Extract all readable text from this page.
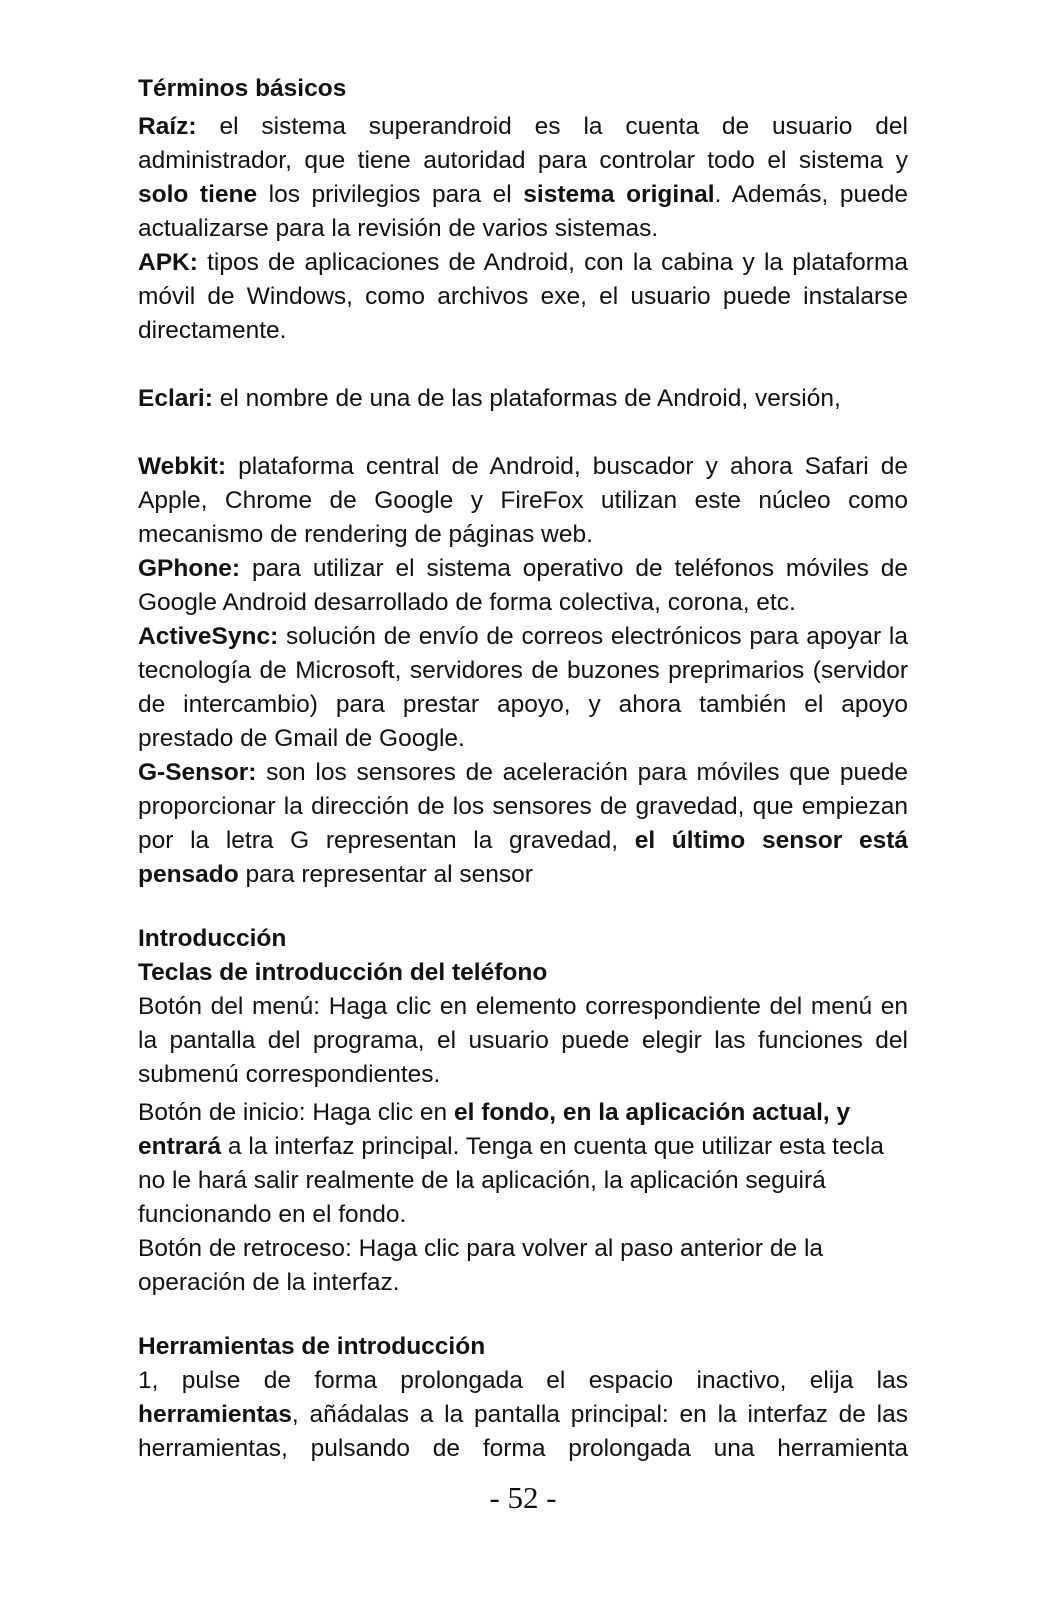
Términos básicos

Raíz: el sistema superandroid es la cuenta de usuario del administrador, que tiene autoridad para controlar todo el sistema y solo tiene los privilegios para el sistema original. Además, puede actualizarse para la revisión de varios sistemas.

APK: tipos de aplicaciones de Android, con la cabina y la plataforma móvil de Windows, como archivos exe, el usuario puede instalarse directamente.

Eclari: el nombre de una de las plataformas de Android, versión,

Webkit: plataforma central de Android, buscador y ahora Safari de Apple, Chrome de Google y FireFox utilizan este núcleo como mecanismo de rendering de páginas web.

GPhone: para utilizar el sistema operativo de teléfonos móviles de Google Android desarrollado de forma colectiva, corona, etc.

ActiveSync: solución de envío de correos electrónicos para apoyar la tecnología de Microsoft, servidores de buzones preprimarios (servidor de intercambio) para prestar apoyo, y ahora también el apoyo prestado de Gmail de Google.

G-Sensor: son los sensores de aceleración para móviles que puede proporcionar la dirección de los sensores de gravedad, que empiezan por la letra G representan la gravedad, el último sensor está pensado para representar al sensor

Introducción

Teclas de introducción del teléfono

Botón del menú: Haga clic en elemento correspondiente del menú en la pantalla del programa, el usuario puede elegir las funciones del submenú correspondientes.

Botón de inicio: Haga clic en el fondo, en la aplicación actual, y entrará a la interfaz principal. Tenga en cuenta que utilizar esta tecla no le hará salir realmente de la aplicación, la aplicación seguirá funcionando en el fondo.

Botón de retroceso: Haga clic para volver al paso anterior de la operación de la interfaz.

Herramientas de introducción

1, pulse de forma prolongada el espacio inactivo, elija las herramientas, añádalas a la pantalla principal: en la interfaz de las herramientas, pulsando de forma prolongada una herramienta

- 52 -
